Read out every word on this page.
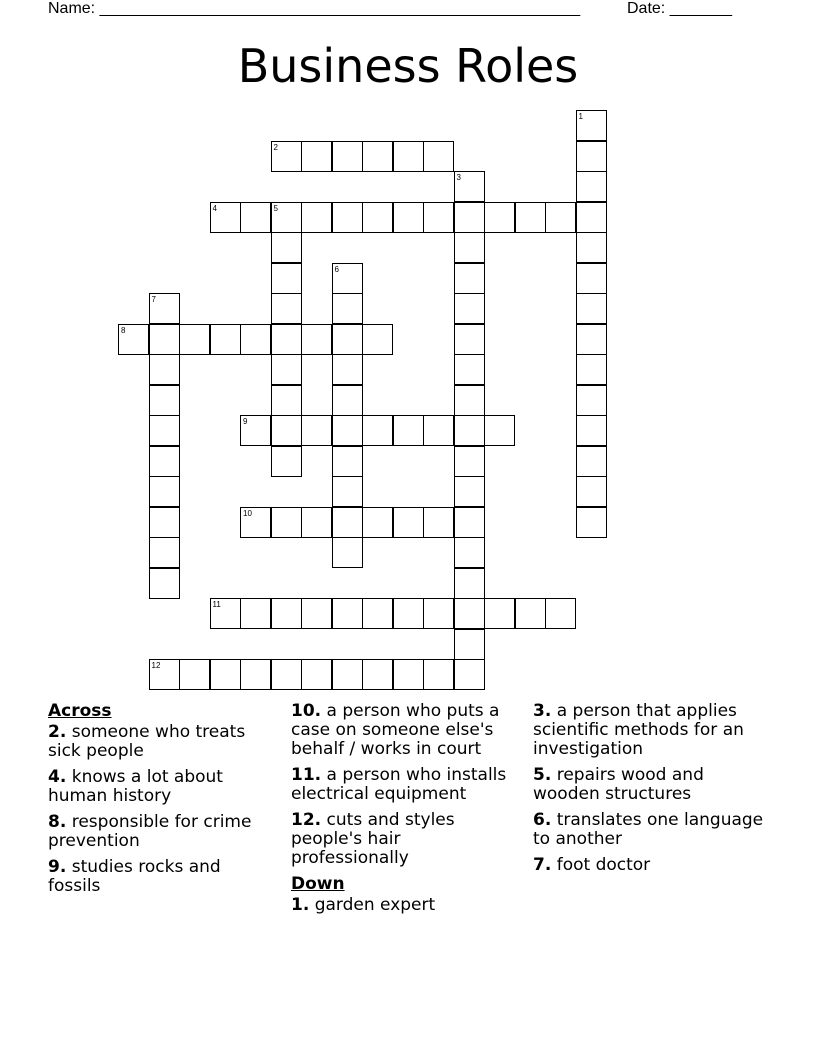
Name: ______________________________________________________	Date: _______
Business Roles
1
2
3
4	5
6
7
8
9
10
11
12
Across
2. someone who treats sick people
4. knows a lot about human history
8. responsible for crime prevention
9. studies rocks and fossils
10. a person who puts a case on someone else's behalf / works in court
11. a person who installs electrical equipment
12. cuts and styles people's hair professionally
Down
1. garden expert
3. a person that applies scientific methods for an investigation
5. repairs wood and wooden structures
6. translates one language to another
7. foot doctor
